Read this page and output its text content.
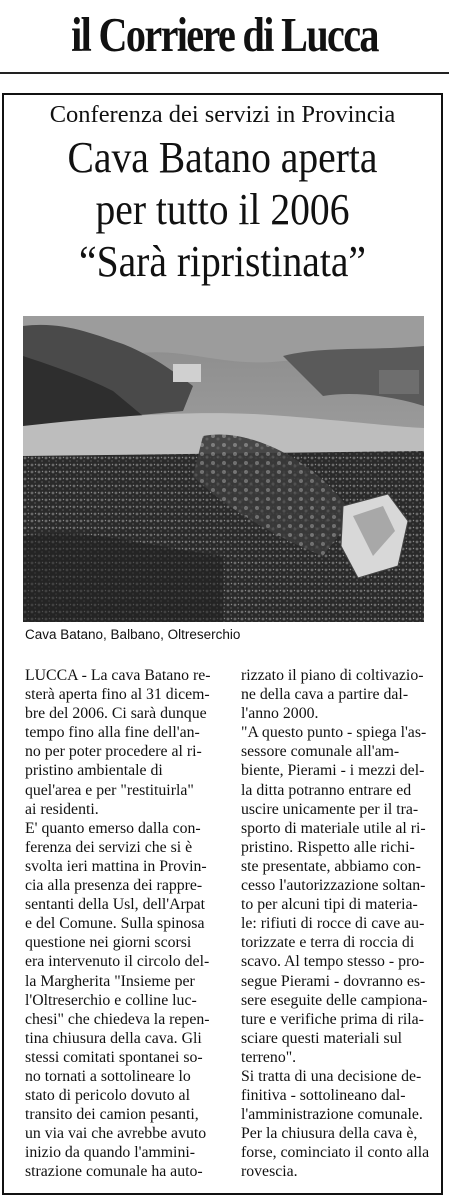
il Corriere di Lucca
Conferenza dei servizi in Provincia
Cava Batano aperta
per tutto il 2006
“Sarà ripristinata”
Cava Batano, Balbano, Oltreserchio
LUCCA - La cava Batano re-
sterà aperta fino al 31 dicem-
bre del 2006. Ci sarà dunque
tempo fino alla fine dell'an-
no per poter procedere al ri-
pristino ambientale di
quel'area e per "restituirla"
ai residenti.
E' quanto emerso dalla con-
ferenza dei servizi che si è
svolta ieri mattina in Provin-
cia alla presenza dei rappre-
sentanti della Usl, dell'Arpat
e del Comune. Sulla spinosa
questione nei giorni scorsi
era intervenuto il circolo del-
la Margherita "Insieme per
l'Oltreserchio e colline luc-
chesi" che chiedeva la repen-
tina chiusura della cava. Gli
stessi comitati spontanei so-
no tornati a sottolineare lo
stato di pericolo dovuto al
transito dei camion pesanti,
un via vai che avrebbe avuto
inizio da quando l'ammini-
strazione comunale ha auto-
rizzato il piano di coltivazio-
ne della cava a partire dal-
l'anno 2000.
"A questo punto - spiega l'as-
sessore comunale all'am-
biente, Pierami - i mezzi del-
la ditta potranno entrare ed
uscire unicamente per il tra-
sporto di materiale utile al ri-
pristino. Rispetto alle richi-
ste presentate, abbiamo con-
cesso l'autorizzazione soltan-
to per alcuni tipi di materia-
le: rifiuti di rocce di cave au-
torizzate e terra di roccia di
scavo. Al tempo stesso - pro-
segue Pierami - dovranno es-
sere eseguite delle campiona-
ture e verifiche prima di rila-
sciare questi materiali sul
terreno".
Si tratta di una decisione de-
finitiva - sottolineano dal-
l'amministrazione comunale.
Per la chiusura della cava è,
forse, cominciato il conto alla
rovescia.
